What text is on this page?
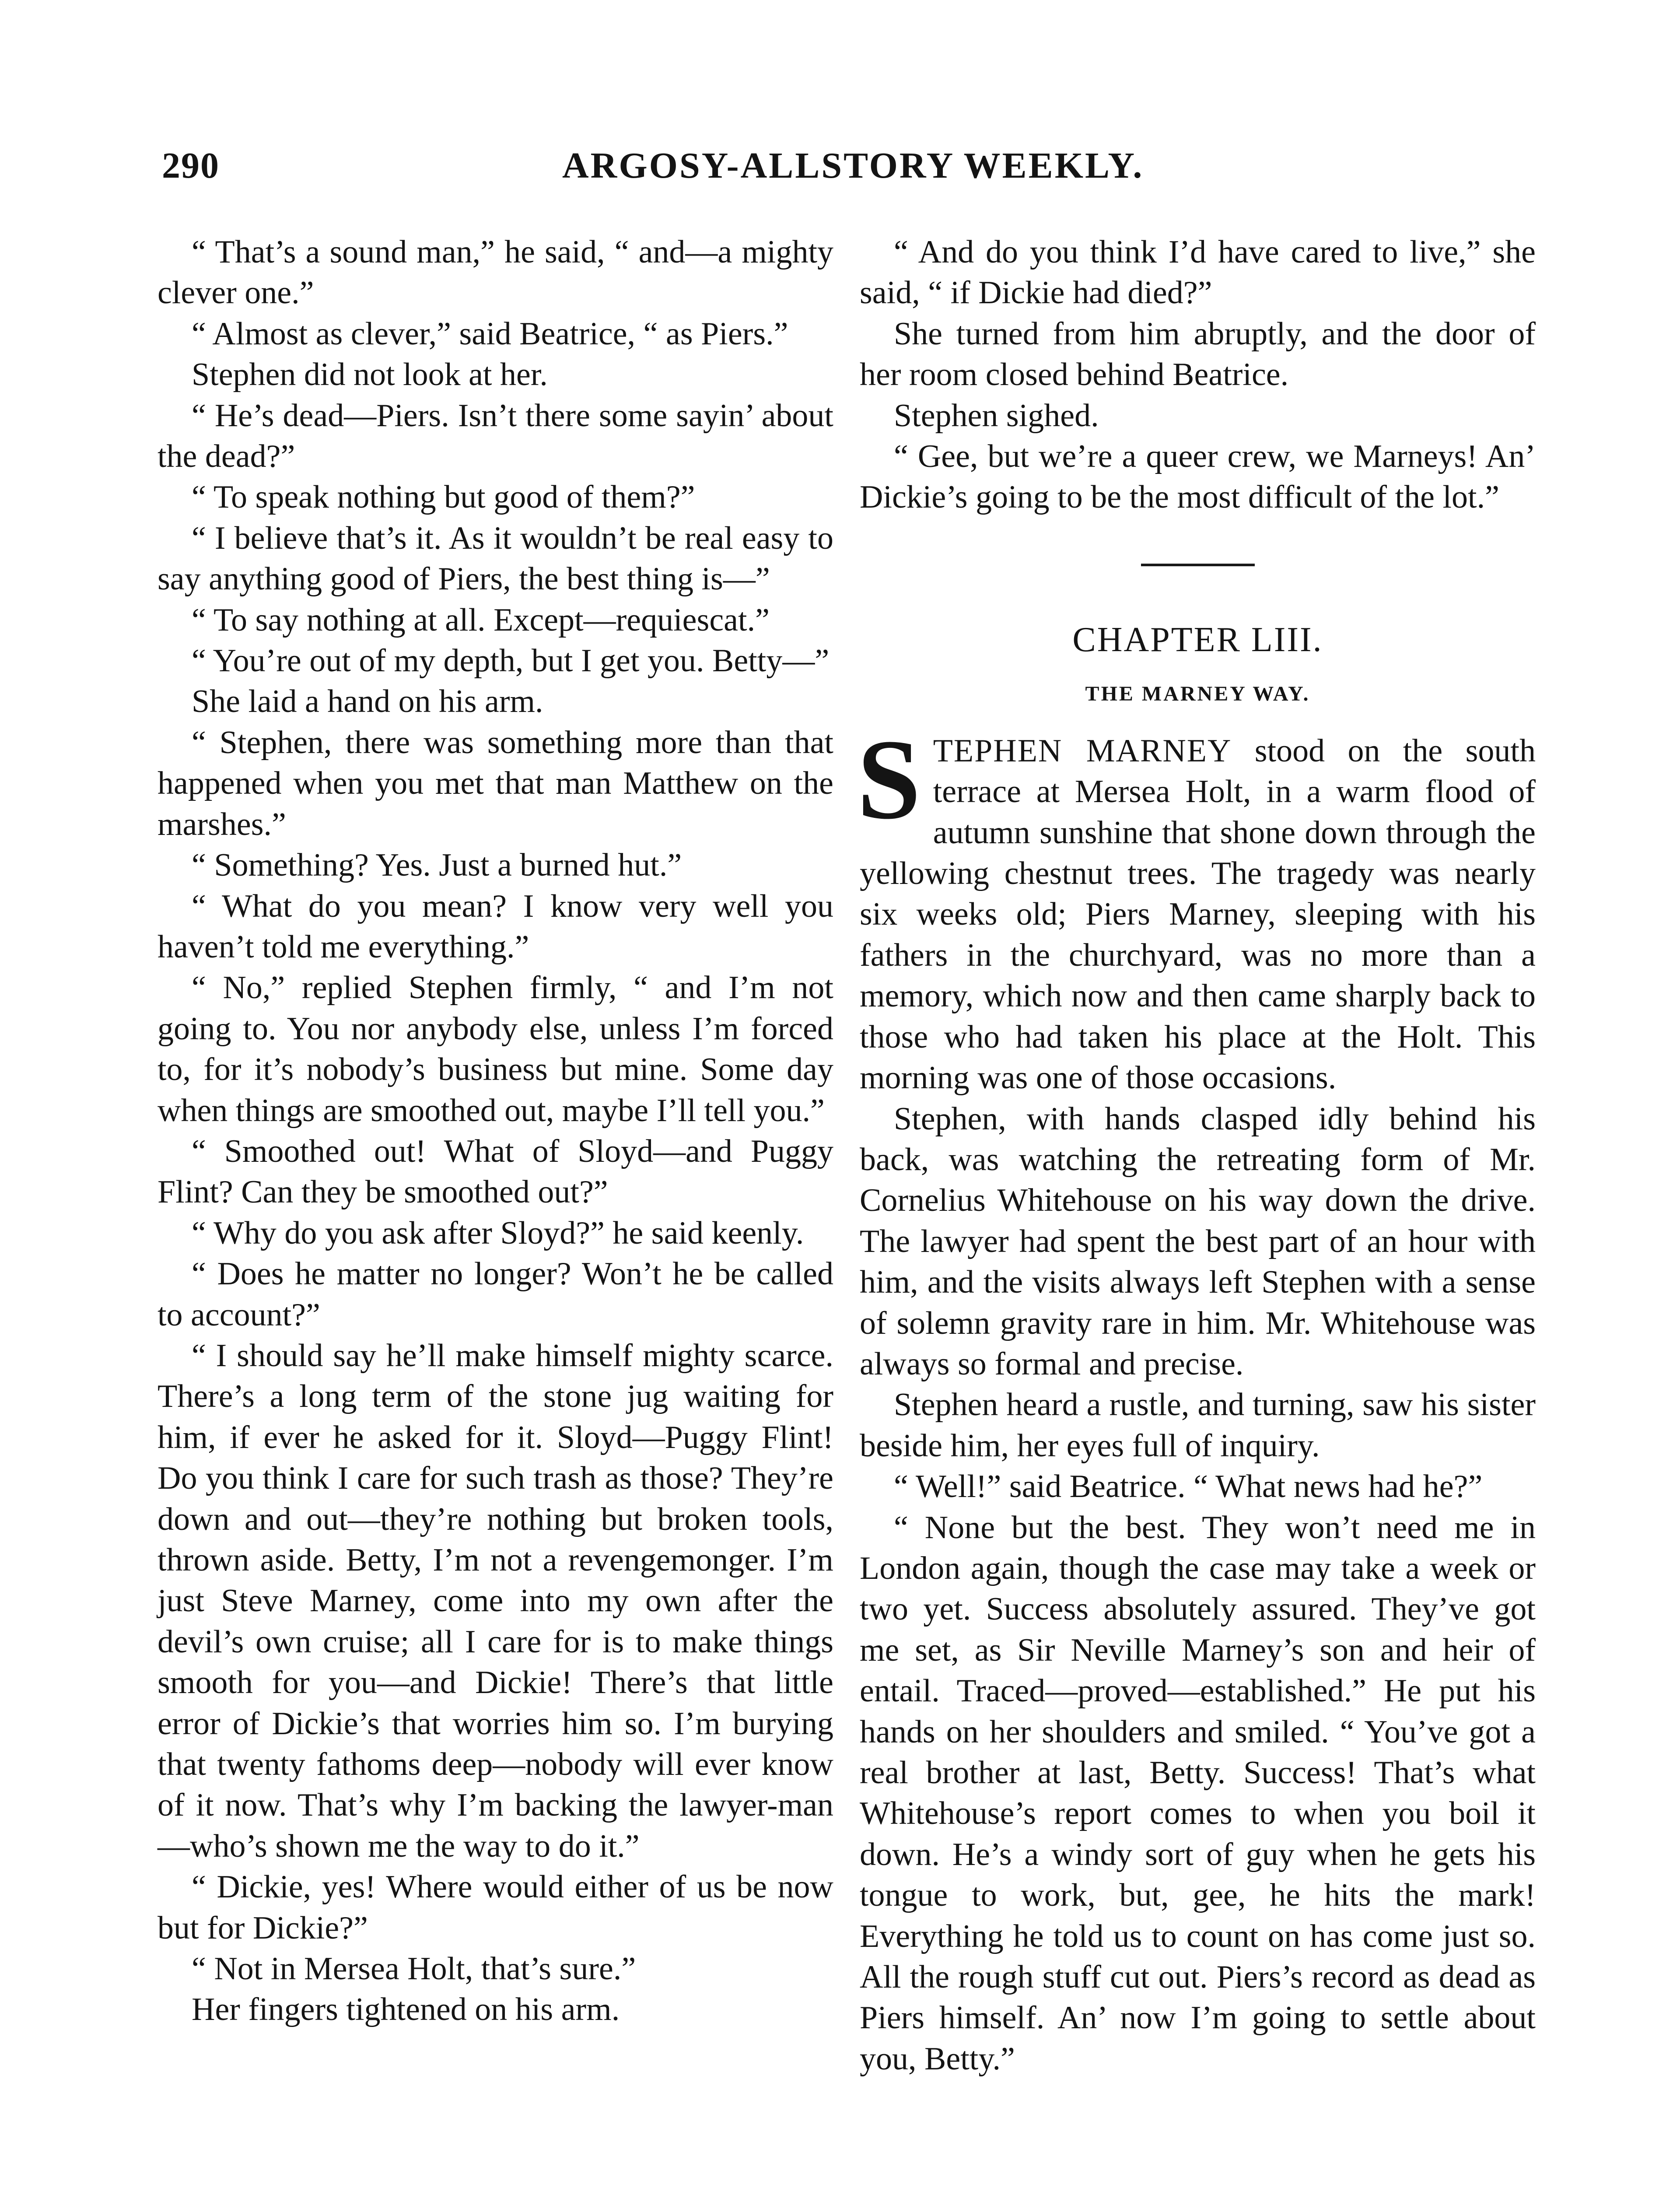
290	ARGOSY-ALLSTORY WEEKLY.

“ That’s a sound man,” he said, “ and—a mighty clever one.”

“ Almost as clever,” said Beatrice, “ as Piers.”

Stephen did not look at her.

“ He’s dead—Piers. Isn’t there some sayin’ about the dead?”

“ To speak nothing but good of them?”

“ I believe that’s it. As it wouldn’t be real easy to say anything good of Piers, the best thing is—”

“ To say nothing at all. Except—requiescat.”

“ You’re out of my depth, but I get you. Betty—”

She laid a hand on his arm.

“ Stephen, there was something more than that happened when you met that man Matthew on the marshes.”

“ Something? Yes. Just a burned hut.”

“ What do you mean? I know very well you haven’t told me everything.”

“ No,” replied Stephen firmly, “ and I’m not going to. You nor anybody else, unless I’m forced to, for it’s nobody’s business but mine. Some day when things are smoothed out, maybe I’ll tell you.”

“ Smoothed out! What of Sloyd—and Puggy Flint? Can they be smoothed out?”

“ Why do you ask after Sloyd?” he said keenly.

“ Does he matter no longer? Won’t he be called to account?”

“ I should say he’ll make himself mighty scarce. There’s a long term of the stone jug waiting for him, if ever he asked for it. Sloyd—Puggy Flint! Do you think I care for such trash as those? They’re down and out—they’re nothing but broken tools, thrown aside. Betty, I’m not a revengemonger. I’m just Steve Marney, come into my own after the devil’s own cruise; all I care for is to make things smooth for you—and Dickie! There’s that little error of Dickie’s that worries him so. I’m burying that twenty fathoms deep—nobody will ever know of it now. That’s why I’m backing the lawyer-man—who’s shown me the way to do it.”

“ Dickie, yes! Where would either of us be now but for Dickie?”

“ Not in Mersea Holt, that’s sure.”

Her fingers tightened on his arm.

“ And do you think I’d have cared to live,” she said, “ if Dickie had died?”

She turned from him abruptly, and the door of her room closed behind Beatrice.

Stephen sighed.

“ Gee, but we’re a queer crew, we Marneys! An’ Dickie’s going to be the most difficult of the lot.”

CHAPTER LIII.

THE MARNEY WAY.

STEPHEN MARNEY stood on the south terrace at Mersea Holt, in a warm flood of autumn sunshine that shone down through the yellowing chestnut trees. The tragedy was nearly six weeks old; Piers Marney, sleeping with his fathers in the churchyard, was no more than a memory, which now and then came sharply back to those who had taken his place at the Holt. This morning was one of those occasions.

Stephen, with hands clasped idly behind his back, was watching the retreating form of Mr. Cornelius Whitehouse on his way down the drive. The lawyer had spent the best part of an hour with him, and the visits always left Stephen with a sense of solemn gravity rare in him. Mr. Whitehouse was always so formal and precise.

Stephen heard a rustle, and turning, saw his sister beside him, her eyes full of inquiry.

“ Well!” said Beatrice. “ What news had he?”

“ None but the best. They won’t need me in London again, though the case may take a week or two yet. Success absolutely assured. They’ve got me set, as Sir Neville Marney’s son and heir of entail. Traced—proved—established.” He put his hands on her shoulders and smiled. “ You’ve got a real brother at last, Betty. Success! That’s what Whitehouse’s report comes to when you boil it down. He’s a windy sort of guy when he gets his tongue to work, but, gee, he hits the mark! Everything he told us to count on has come just so. All the rough stuff cut out. Piers’s record as dead as Piers himself. An’ now I’m going to settle about you, Betty.”
